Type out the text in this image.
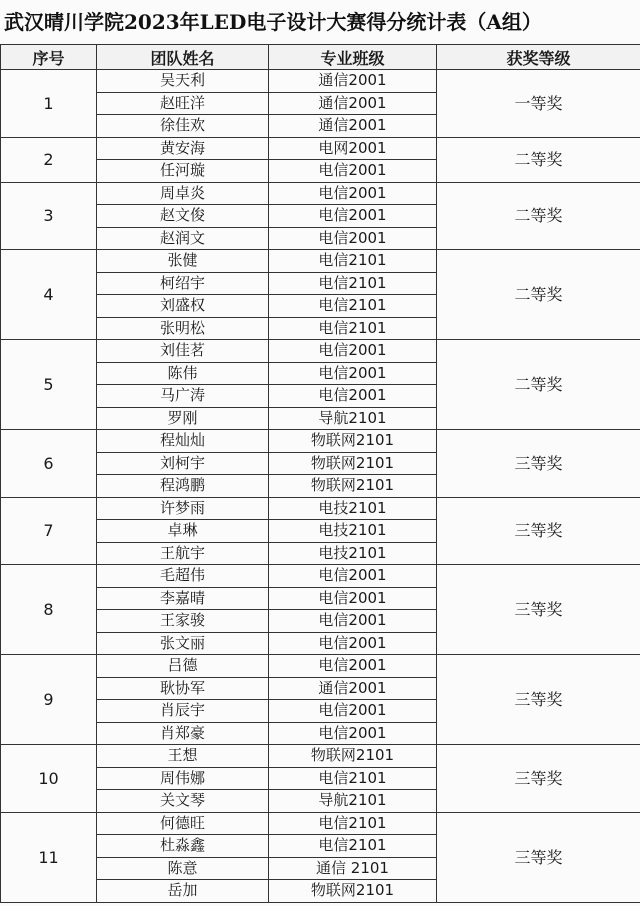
武汉晴川学院2023年LED电子设计大赛得分统计表（A组）
序号	团队姓名	专业班级	获奖等级
1	吴天利	通信2001	一等奖
	赵旺洋	通信2001	
	徐佳欢	通信2001	
2	黄安海	电网2001	二等奖
	任河璇	电信2001	
3	周卓炎	电信2001	二等奖
	赵文俊	电信2001	
	赵润文	电信2001	
4	张健	电信2101	二等奖
	柯绍宇	电信2101	
	刘盛权	电信2101	
	张明松	电信2101	
5	刘佳茗	电信2001	二等奖
	陈伟	电信2001	
	马广涛	电信2001	
	罗刚	导航2101	
6	程灿灿	物联网2101	三等奖
	刘柯宇	物联网2101	
	程鸿鹏	物联网2101	
7	许梦雨	电技2101	三等奖
	卓琳	电技2101	
	王航宇	电技2101	
8	毛超伟	电信2001	三等奖
	李嘉晴	电信2001	
	王家骏	电信2001	
	张文丽	电信2001	
9	吕德	电信2001	三等奖
	耿协军	通信2001	
	肖辰宇	电信2001	
	肖郑豪	电信2001	
10	王想	物联网2101	三等奖
	周伟娜	电信2101	
	关文琴	导航2101	
11	何德旺	电信2101	三等奖
	杜淼鑫	电信2101	
	陈意	通信 2101	
	岳加	物联网2101	
